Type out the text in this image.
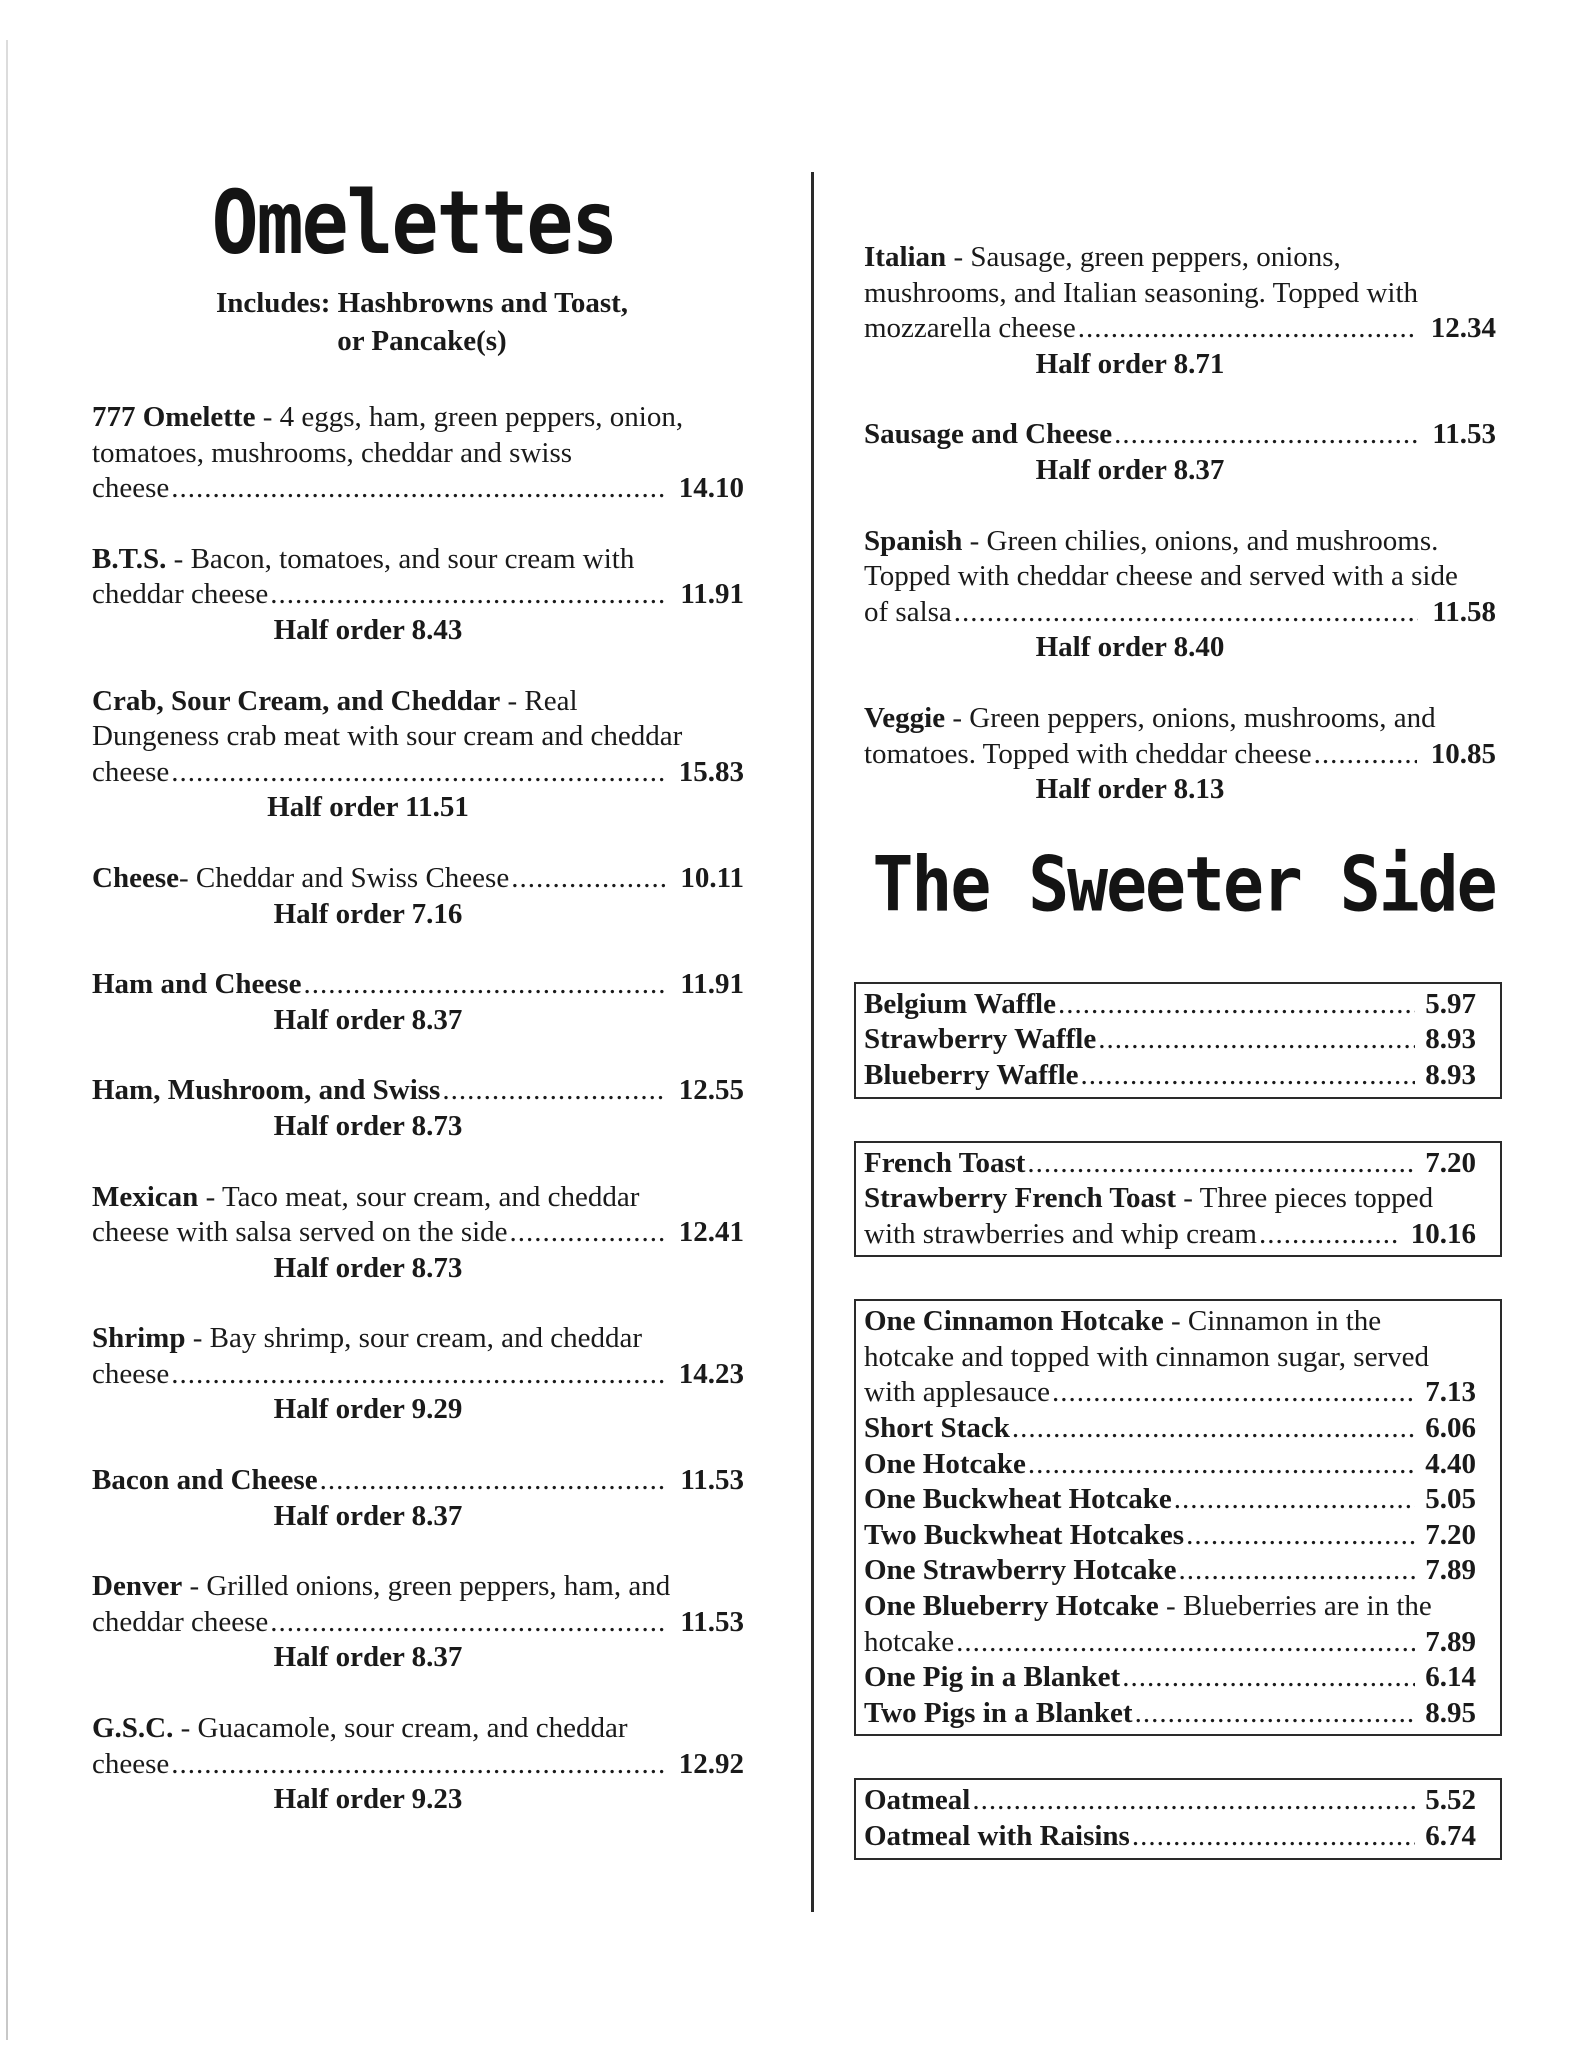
Omelettes
Includes: Hashbrowns and Toast,
or Pancake(s)
777 Omelette - 4 eggs, ham, green peppers, onion,
tomatoes, mushrooms, cheddar and swiss
cheese .....	14.10
B.T.S. - Bacon, tomatoes, and sour cream with
cheddar cheese .....	11.91
Half order 8.43
Crab, Sour Cream, and Cheddar - Real
Dungeness crab meat with sour cream and cheddar
cheese .....	15.83
Half order 11.51
Cheese - Cheddar and Swiss Cheese .....	10.11
Half order 7.16
Ham and Cheese .....	11.91
Half order 8.37
Ham, Mushroom, and Swiss .....	12.55
Half order 8.73
Mexican - Taco meat, sour cream, and cheddar
cheese with salsa served on the side .....	12.41
Half order 8.73
Shrimp - Bay shrimp, sour cream, and cheddar
cheese .....	14.23
Half order 9.29
Bacon and Cheese .....	11.53
Half order 8.37
Denver - Grilled onions, green peppers, ham, and
cheddar cheese .....	11.53
Half order 8.37
G.S.C. - Guacamole, sour cream, and cheddar
cheese .....	12.92
Half order 9.23
Italian - Sausage, green peppers, onions,
mushrooms, and Italian seasoning. Topped with
mozzarella cheese .....	12.34
Half order 8.71
Sausage and Cheese .....	11.53
Half order 8.37
Spanish - Green chilies, onions, and mushrooms.
Topped with cheddar cheese and served with a side
of salsa .....	11.58
Half order 8.40
Veggie - Green peppers, onions, mushrooms, and
tomatoes. Topped with cheddar cheese .....	10.85
Half order 8.13
The Sweeter Side
Belgium Waffle .....	5.97
Strawberry Waffle .....	8.93
Blueberry Waffle .....	8.93
French Toast .....	7.20
Strawberry French Toast - Three pieces topped
with strawberries and whip cream .....	10.16
One Cinnamon Hotcake - Cinnamon in the
hotcake and topped with cinnamon sugar, served
with applesauce .....	7.13
Short Stack .....	6.06
One Hotcake .....	4.40
One Buckwheat Hotcake .....	5.05
Two Buckwheat Hotcakes .....	7.20
One Strawberry Hotcake .....	7.89
One Blueberry Hotcake - Blueberries are in the
hotcake .....	7.89
One Pig in a Blanket .....	6.14
Two Pigs in a Blanket .....	8.95
Oatmeal .....	5.52
Oatmeal with Raisins .....	6.74
